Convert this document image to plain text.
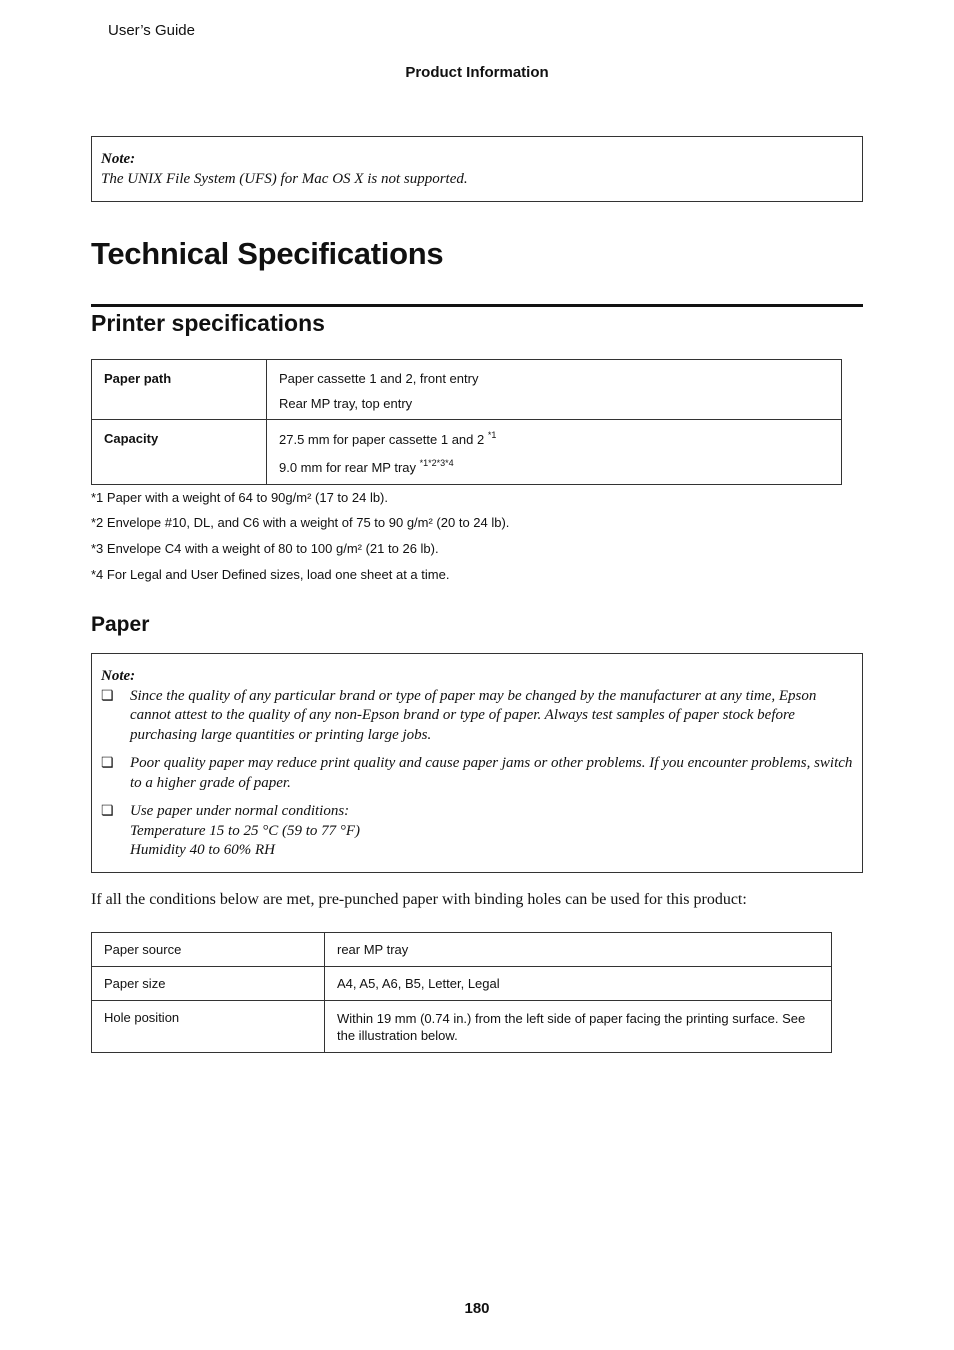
User’s Guide
Product Information
Note:
The UNIX File System (UFS) for Mac OS X is not supported.
Technical Specifications
Printer specifications
Paper path	Paper cassette 1 and 2, front entry
Rear MP tray, top entry

Capacity	27.5 mm for paper cassette 1 and 2 $^{*1}$
9.0 mm for rear MP tray $^{*1*2*3*4}$
*1 Paper with a weight of 64 to 90g/m² (17 to 24 lb).
*2 Envelope #10, DL, and C6 with a weight of 75 to 90 g/m² (20 to 24 lb).
*3 Envelope C4 with a weight of 80 to 100 g/m² (21 to 26 lb).
*4 For Legal and User Defined sizes, load one sheet at a time.
Paper
Note:
❏ Since the quality of any particular brand or type of paper may be changed by the manufacturer at any time, Epson cannot attest to the quality of any non-Epson brand or type of paper. Always test samples of paper stock before purchasing large quantities or printing large jobs.
❏ Poor quality paper may reduce print quality and cause paper jams or other problems. If you encounter problems, switch to a higher grade of paper.
❏ Use paper under normal conditions:
Temperature 15 to 25 °C (59 to 77 °F)
Humidity 40 to 60% RH
If all the conditions below are met, pre-punched paper with binding holes can be used for this product:
Paper source	rear MP tray
Paper size	A4, A5, A6, B5, Letter, Legal
Hole position	Within 19 mm (0.74 in.) from the left side of paper facing the printing surface. See the illustration below.
180
